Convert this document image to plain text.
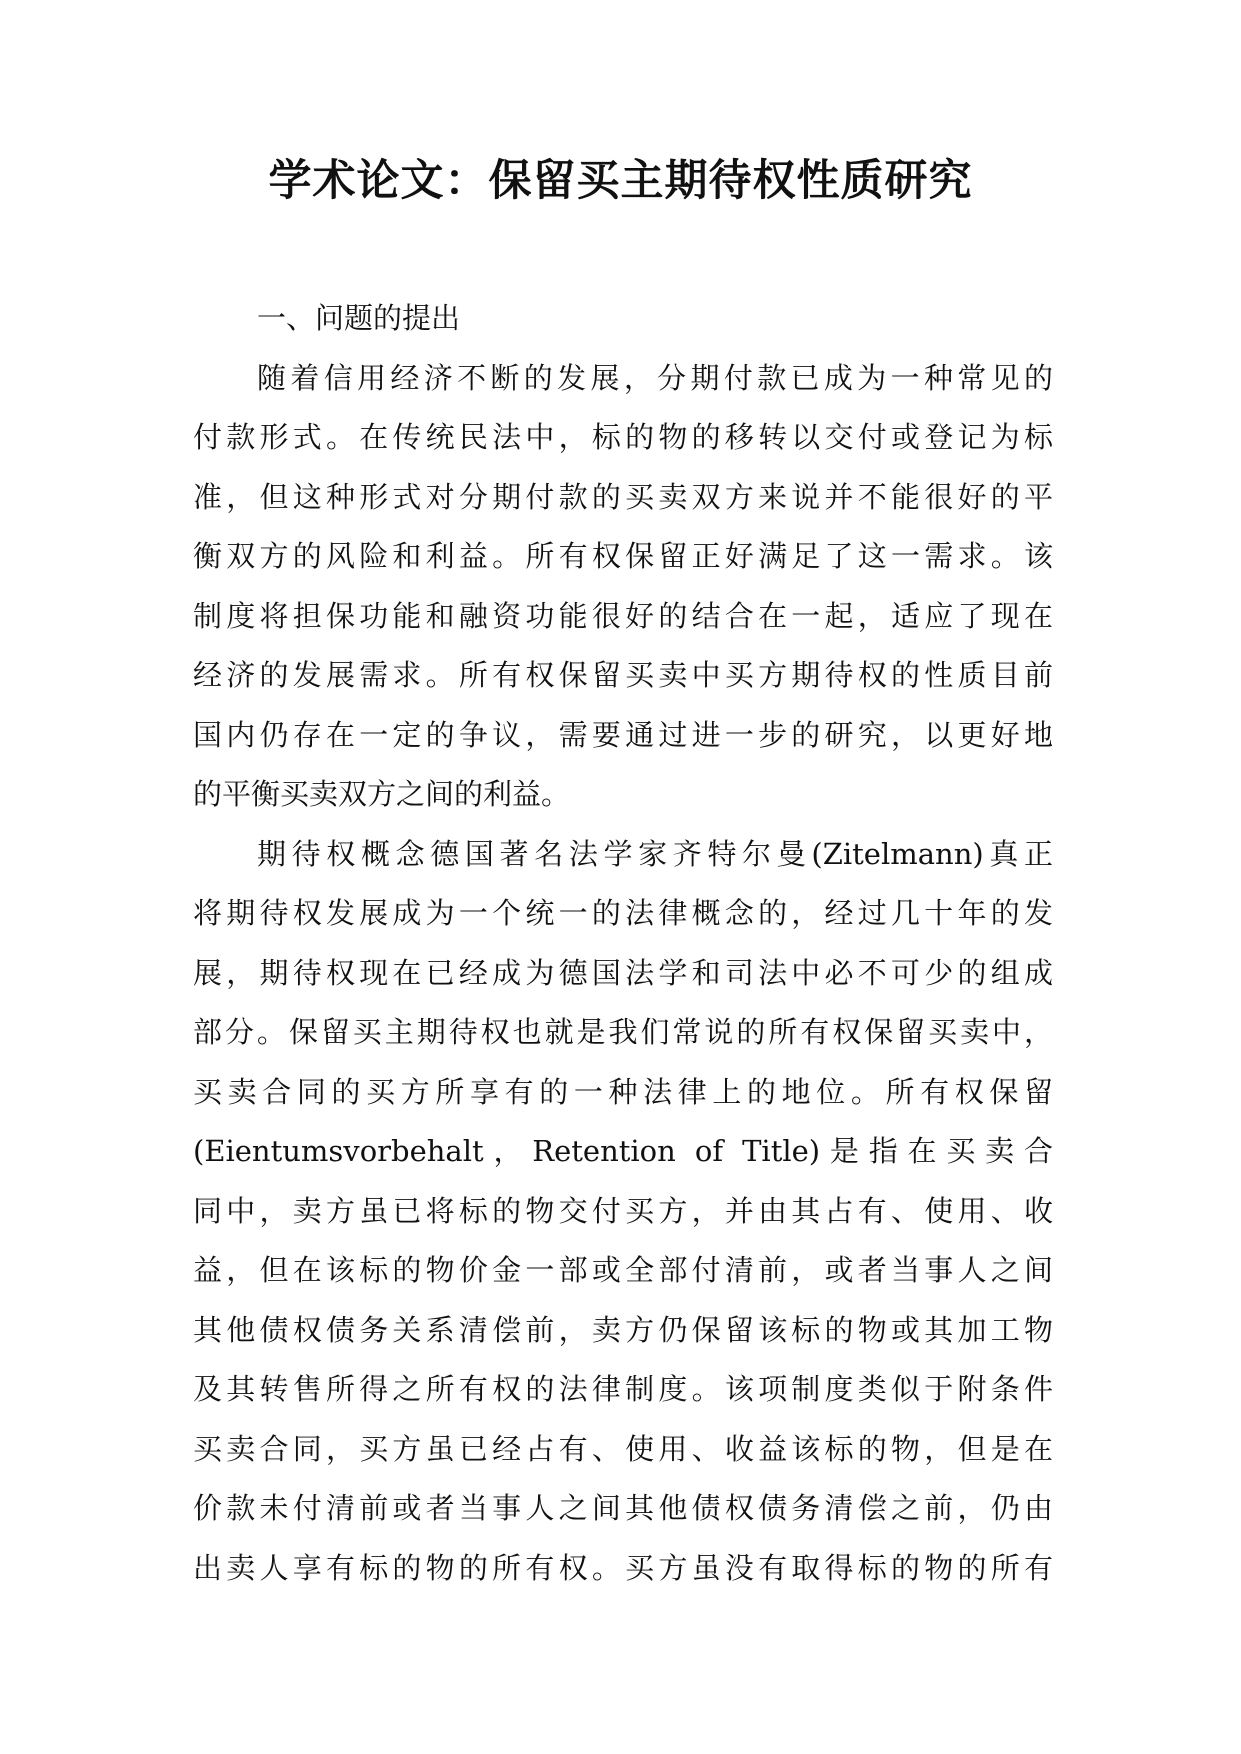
学术论文：保留买主期待权性质研究

一、问题的提出

随着信用经济不断的发展，分期付款已成为一种常见的
付款形式。在传统民法中，标的物的移转以交付或登记为标
准，但这种形式对分期付款的买卖双方来说并不能很好的平
衡双方的风险和利益。所有权保留正好满足了这一需求。该
制度将担保功能和融资功能很好的结合在一起，适应了现在
经济的发展需求。所有权保留买卖中买方期待权的性质目前
国内仍存在一定的争议，需要通过进一步的研究，以更好地
的平衡买卖双方之间的利益。

期待权概念德国著名法学家齐特尔曼(Zitelmann)真正
将期待权发展成为一个统一的法律概念的，经过几十年的发
展，期待权现在已经成为德国法学和司法中必不可少的组成
部分。保留买主期待权也就是我们常说的所有权保留买卖中，
买卖合同的买方所享有的一种法律上的地位。所有权保留
(Eientumsvorbehalt，Retention of Title)是指在买卖合
同中，卖方虽已将标的物交付买方，并由其占有、使用、收
益，但在该标的物价金一部或全部付清前，或者当事人之间
其他债权债务关系清偿前，卖方仍保留该标的物或其加工物
及其转售所得之所有权的法律制度。该项制度类似于附条件
买卖合同，买方虽已经占有、使用、收益该标的物，但是在
价款未付清前或者当事人之间其他债权债务清偿之前，仍由
出卖人享有标的物的所有权。买方虽没有取得标的物的所有
